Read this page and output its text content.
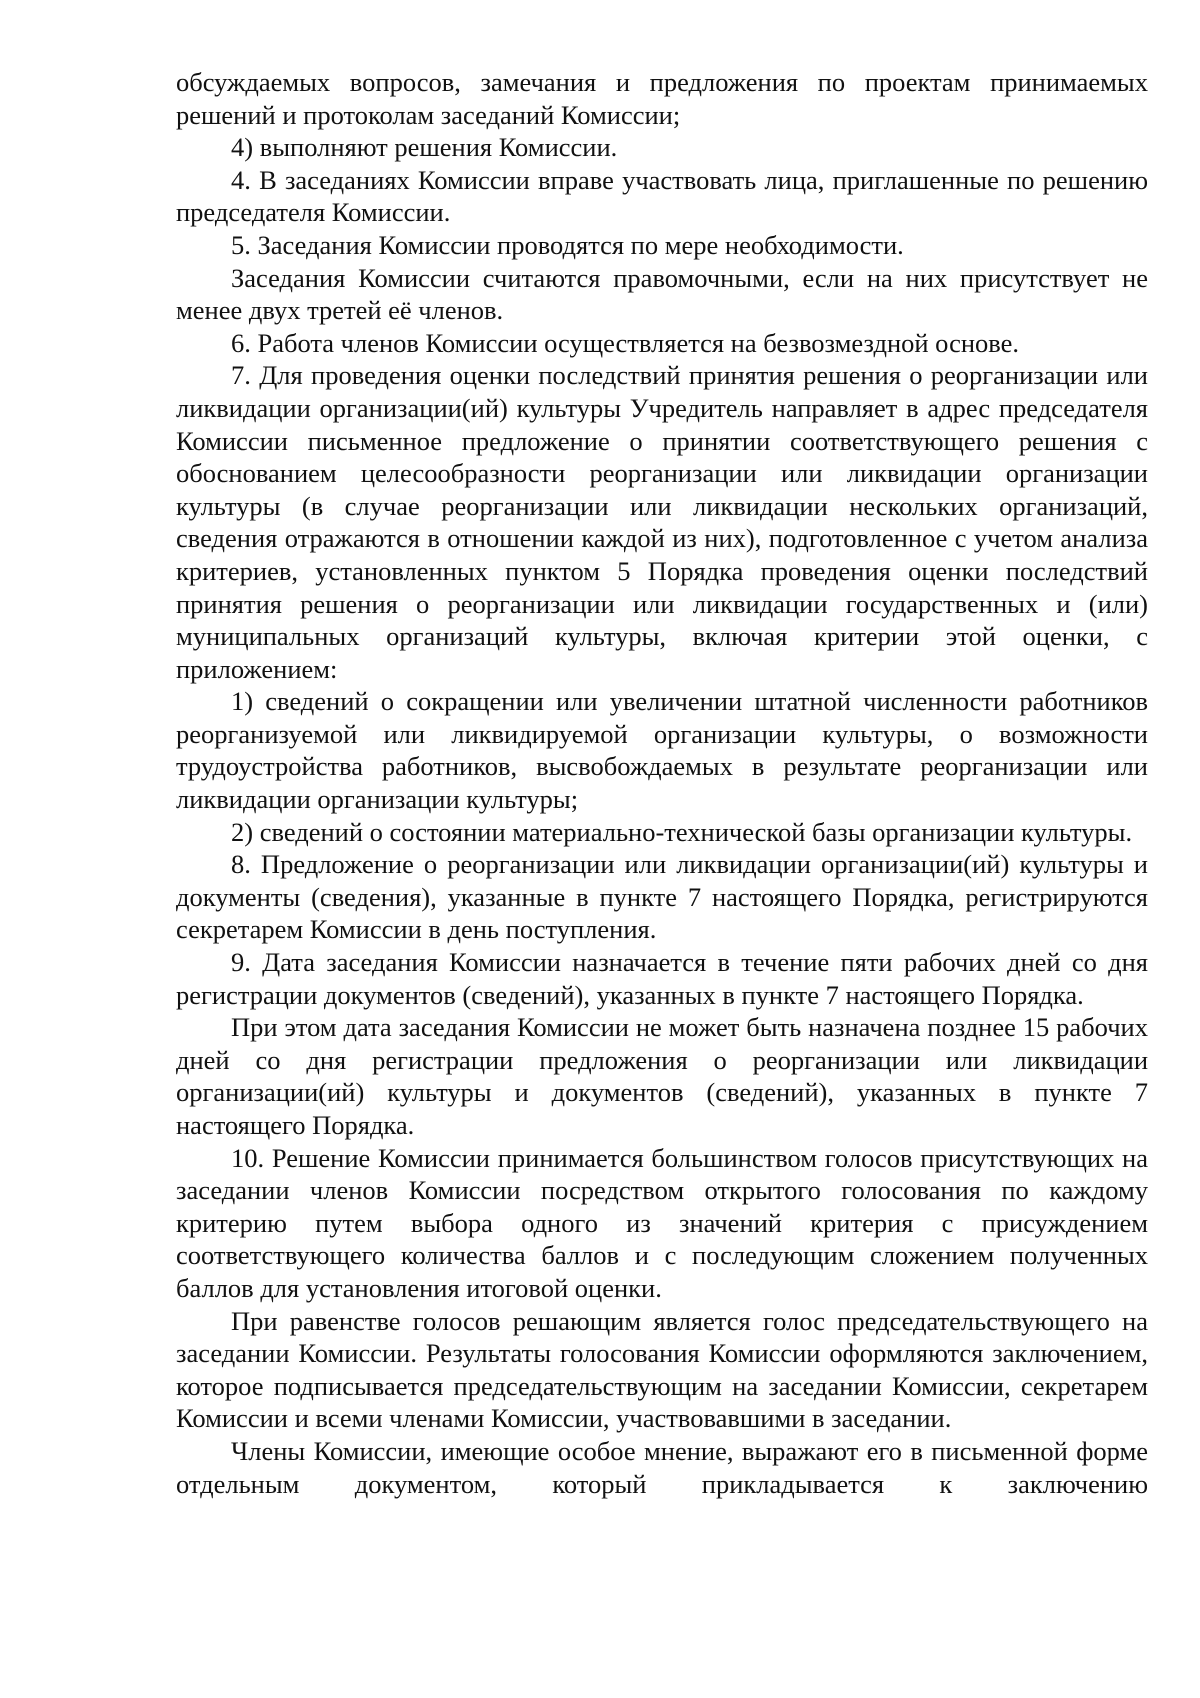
обсуждаемых вопросов, замечания и предложения по проектам принимаемых решений и протоколам заседаний Комиссии;

4) выполняют решения Комиссии.

4. В заседаниях Комиссии вправе участвовать лица, приглашенные по решению председателя Комиссии.

5. Заседания Комиссии проводятся по мере необходимости.

Заседания Комиссии считаются правомочными, если на них присутствует не менее двух третей её членов.

6. Работа членов Комиссии осуществляется на безвозмездной основе.

7. Для проведения оценки последствий принятия решения о реорганизации или ликвидации организации(ий) культуры Учредитель направляет в адрес председателя Комиссии письменное предложение о принятии соответствующего решения с обоснованием целесообразности реорганизации или ликвидации организации культуры (в случае реорганизации или ликвидации нескольких организаций, сведения отражаются в отношении каждой из них), подготовленное с учетом анализа критериев, установленных пунктом 5 Порядка проведения оценки последствий принятия решения о реорганизации или ликвидации государственных и (или) муниципальных организаций культуры, включая критерии этой оценки, с приложением:

1) сведений о сокращении или увеличении штатной численности работников реорганизуемой или ликвидируемой организации культуры, о возможности трудоустройства работников, высвобождаемых в результате реорганизации или ликвидации организации культуры;

2) сведений о состоянии материально-технической базы организации культуры.

8. Предложение о реорганизации или ликвидации организации(ий) культуры и документы (сведения), указанные в пункте 7 настоящего Порядка, регистрируются секретарем Комиссии в день поступления.

9. Дата заседания Комиссии назначается в течение пяти рабочих дней со дня регистрации документов (сведений), указанных в пункте 7 настоящего Порядка.

При этом дата заседания Комиссии не может быть назначена позднее 15 рабочих дней со дня регистрации предложения о реорганизации или ликвидации организации(ий) культуры и документов (сведений), указанных в пункте 7 настоящего Порядка.

10. Решение Комиссии принимается большинством голосов присутствующих на заседании членов Комиссии посредством открытого голосования по каждому критерию путем выбора одного из значений критерия с присуждением соответствующего количества баллов и с последующим сложением полученных баллов для установления итоговой оценки.

При равенстве голосов решающим является голос председательствующего на заседании Комиссии. Результаты голосования Комиссии оформляются заключением, которое подписывается председательствующим на заседании Комиссии, секретарем Комиссии и всеми членами Комиссии, участвовавшими в заседании.

Члены Комиссии, имеющие особое мнение, выражают его в письменной форме отдельным документом, который прикладывается к заключению
